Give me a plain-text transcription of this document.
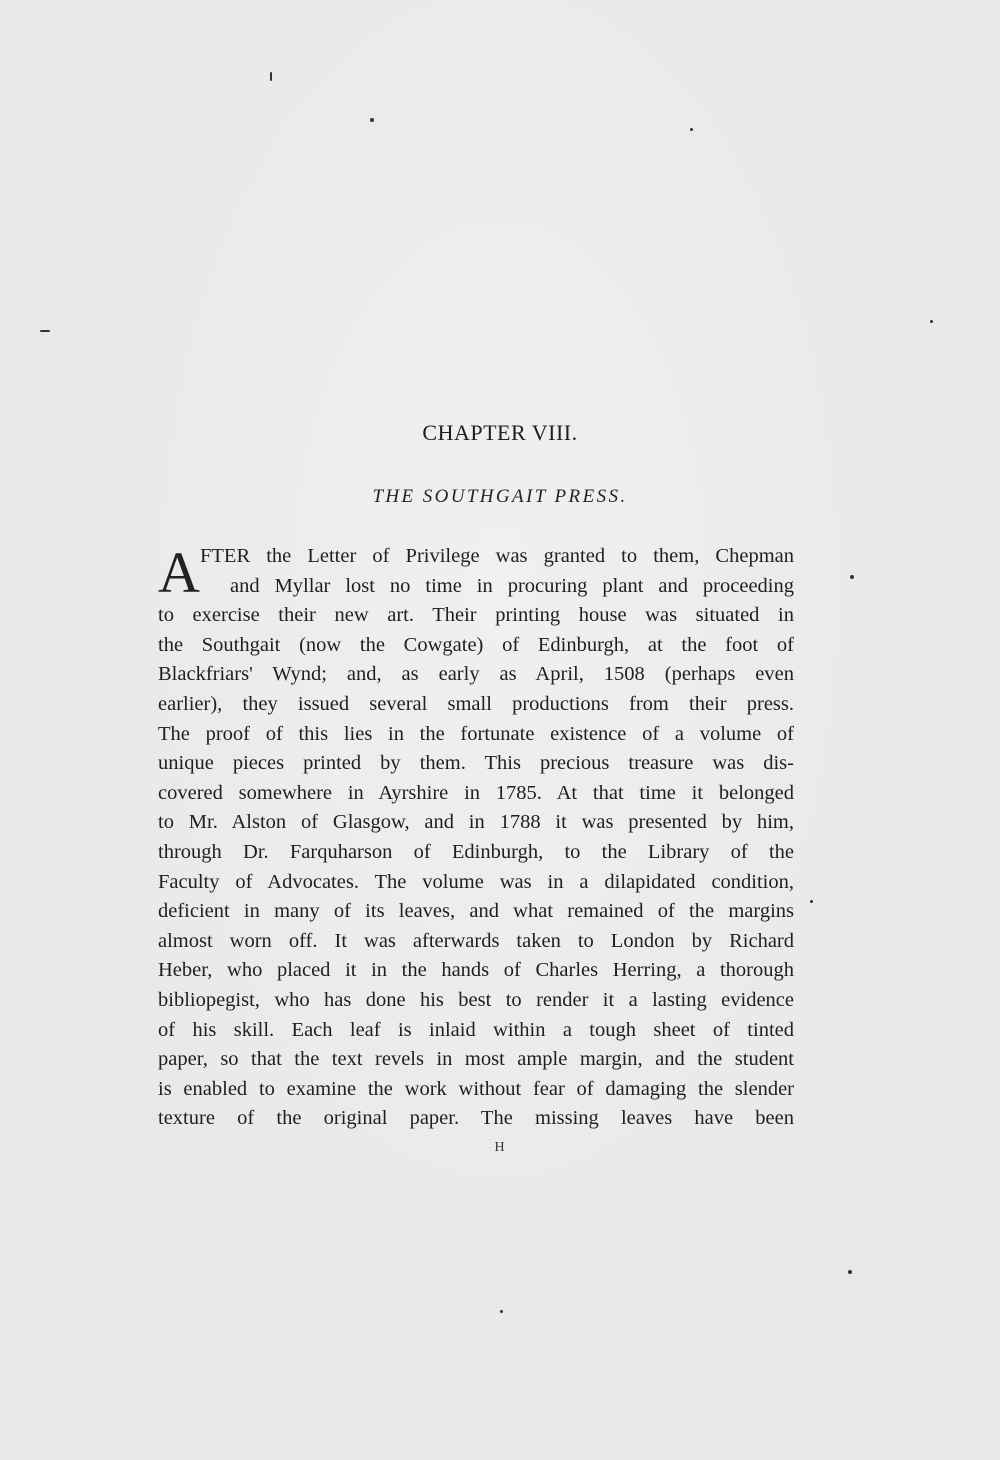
CHAPTER VIII.
THE SOUTHGAIT PRESS.
A FTER the Letter of Privilege was granted to them, Chepman
and Myllar lost no time in procuring plant and proceeding
to exercise their new art. Their printing house was situated in
the Southgait (now the Cowgate) of Edinburgh, at the foot of
Blackfriars' Wynd; and, as early as April, 1508 (perhaps even
earlier), they issued several small productions from their press.
The proof of this lies in the fortunate existence of a volume of
unique pieces printed by them. This precious treasure was dis-
covered somewhere in Ayrshire in 1785. At that time it belonged
to Mr. Alston of Glasgow, and in 1788 it was presented by him,
through Dr. Farquharson of Edinburgh, to the Library of the
Faculty of Advocates. The volume was in a dilapidated condition,
deficient in many of its leaves, and what remained of the margins
almost worn off. It was afterwards taken to London by Richard
Heber, who placed it in the hands of Charles Herring, a thorough
bibliopegist, who has done his best to render it a lasting evidence
of his skill. Each leaf is inlaid within a tough sheet of tinted
paper, so that the text revels in most ample margin, and the student
is enabled to examine the work without fear of damaging the slender
texture of the original paper. The missing leaves have been
H
